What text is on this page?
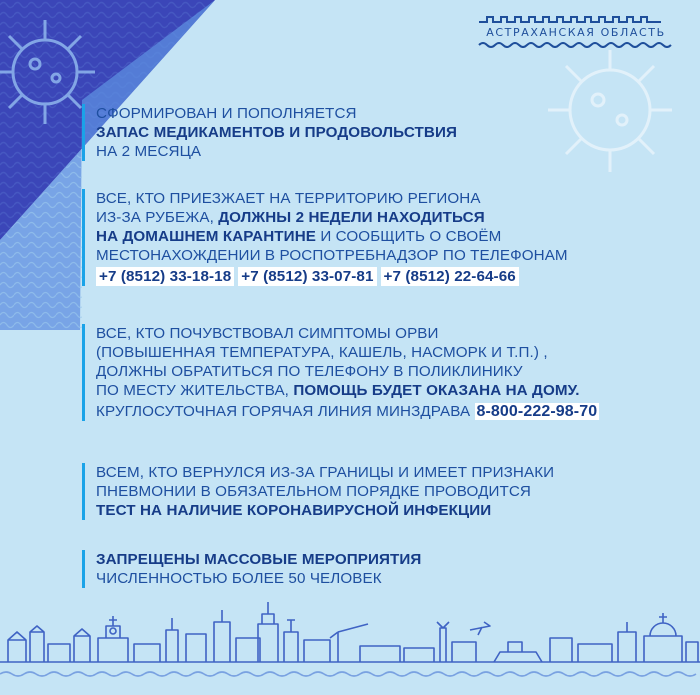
АСТРАХАНСКАЯ ОБЛАСТЬ
СФОРМИРОВАН И ПОПОЛНЯЕТСЯ
ЗАПАС МЕДИКАМЕНТОВ И ПРОДОВОЛЬСТВИЯ
НА 2 МЕСЯЦА
ВСЕ, КТО ПРИЕЗЖАЕТ НА ТЕРРИТОРИЮ РЕГИОНА
ИЗ-ЗА РУБЕЖА, ДОЛЖНЫ 2 НЕДЕЛИ НАХОДИТЬСЯ
НА ДОМАШНЕМ КАРАНТИНЕ И СООБЩИТЬ О СВОЁМ
МЕСТОНАХОЖДЕНИИ В РОСПОТРЕБНАДЗОР ПО ТЕЛЕФОНАМ
+7 (8512) 33-18-18 +7 (8512) 33-07-81 +7 (8512) 22-64-66
ВСЕ, КТО ПОЧУВСТВОВАЛ СИМПТОМЫ ОРВИ
(ПОВЫШЕННАЯ ТЕМПЕРАТУРА, КАШЕЛЬ, НАСМОРК И Т.П.) ,
ДОЛЖНЫ ОБРАТИТЬСЯ ПО ТЕЛЕФОНУ В ПОЛИКЛИНИКУ
ПО МЕСТУ ЖИТЕЛЬСТВА, ПОМОЩЬ БУДЕТ ОКАЗАНА НА ДОМУ.
КРУГЛОСУТОЧНАЯ ГОРЯЧАЯ ЛИНИЯ МИНЗДРАВА 8-800-222-98-70
ВСЕМ, КТО ВЕРНУЛСЯ ИЗ-ЗА ГРАНИЦЫ И ИМЕЕТ ПРИЗНАКИ
ПНЕВМОНИИ В ОБЯЗАТЕЛЬНОМ ПОРЯДКЕ ПРОВОДИТСЯ
ТЕСТ НА НАЛИЧИЕ КОРОНАВИРУСНОЙ ИНФЕКЦИИ
ЗАПРЕЩЕНЫ МАССОВЫЕ МЕРОПРИЯТИЯ
ЧИСЛЕННОСТЬЮ БОЛЕЕ 50 ЧЕЛОВЕК
